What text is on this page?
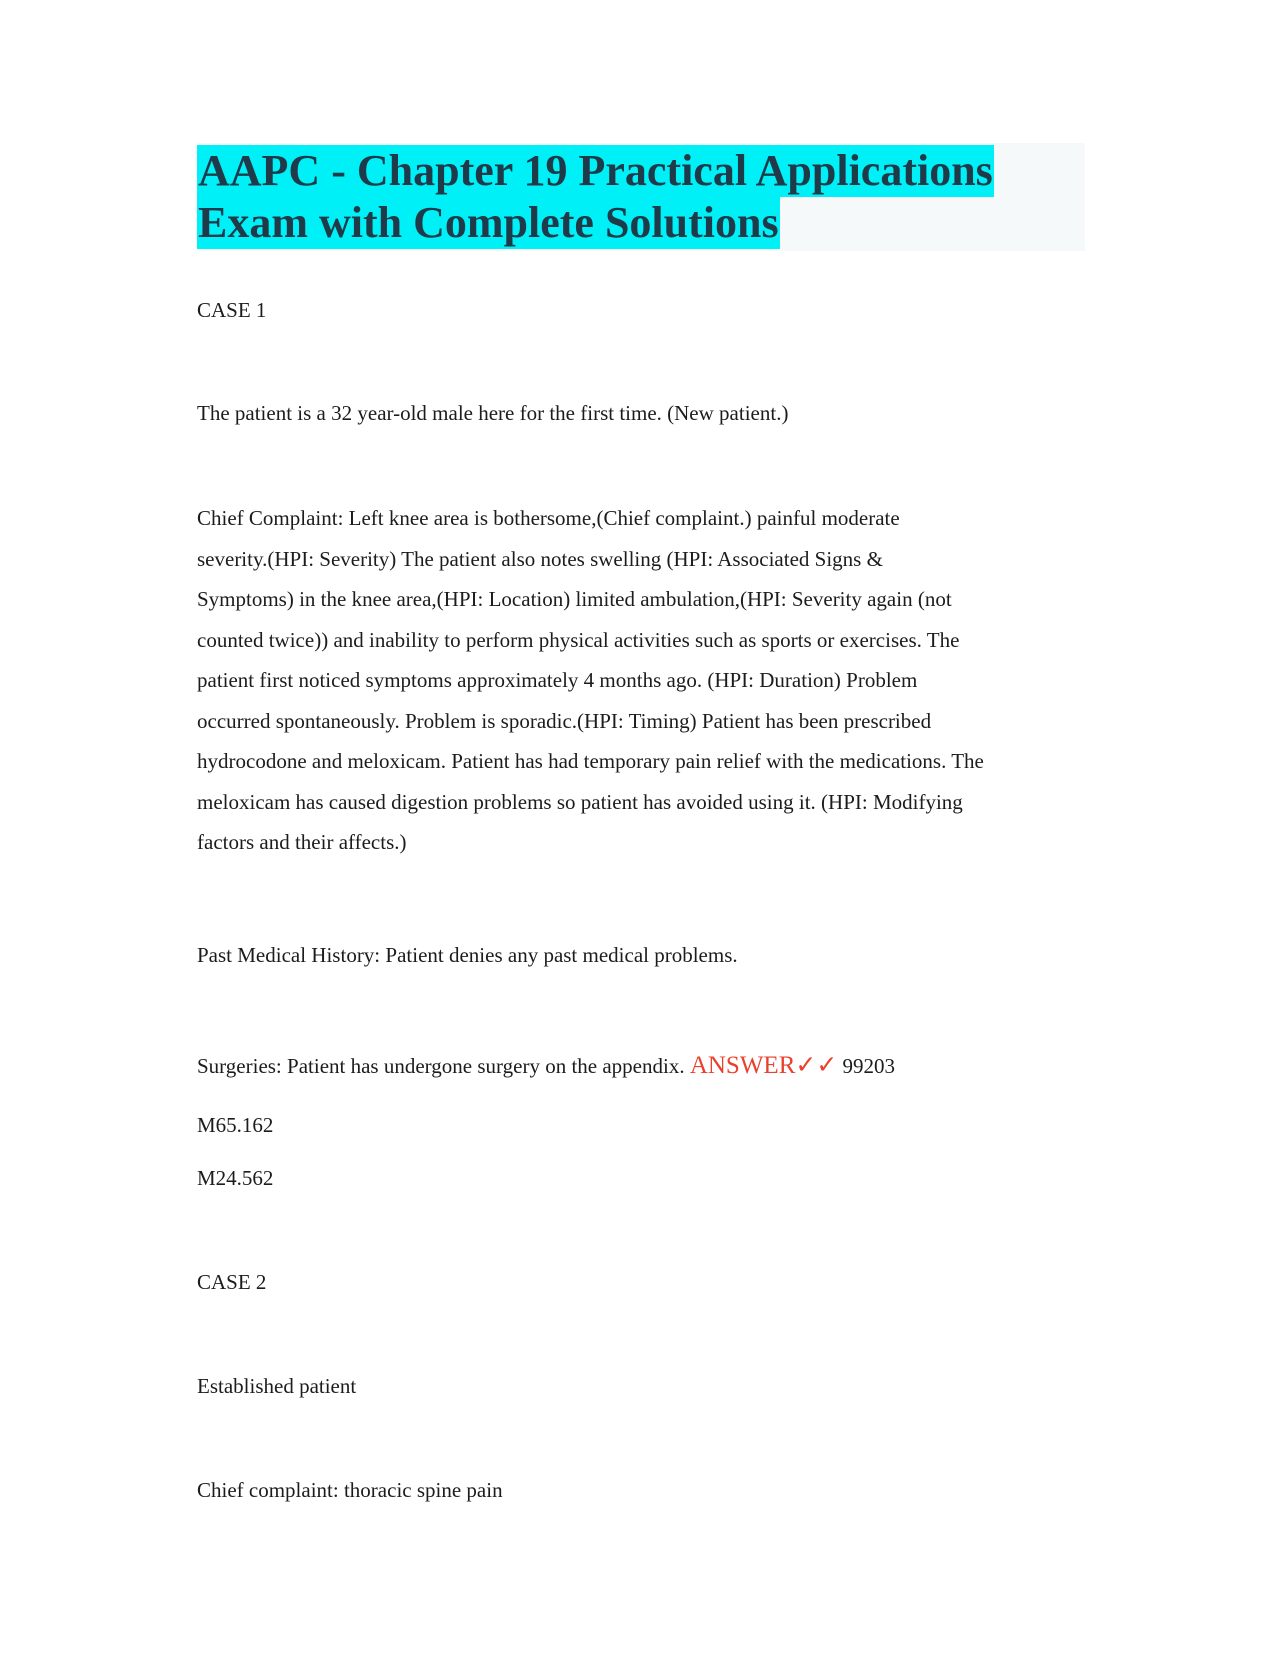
AAPC - Chapter 19 Practical Applications
Exam with Complete Solutions
CASE 1
The patient is a 32 year-old male here for the first time. (New patient.)
Chief Complaint: Left knee area is bothersome,(Chief complaint.) painful moderate
severity.(HPI: Severity) The patient also notes swelling (HPI: Associated Signs &
Symptoms) in the knee area,(HPI: Location) limited ambulation,(HPI: Severity again (not
counted twice)) and inability to perform physical activities such as sports or exercises. The
patient first noticed symptoms approximately 4 months ago. (HPI: Duration) Problem
occurred spontaneously. Problem is sporadic.(HPI: Timing) Patient has been prescribed
hydrocodone and meloxicam. Patient has had temporary pain relief with the medications. The
meloxicam has caused digestion problems so patient has avoided using it. (HPI: Modifying
factors and their affects.)
Past Medical History: Patient denies any past medical problems.
Surgeries: Patient has undergone surgery on the appendix. ANSWER✓✓ 99203
M65.162
M24.562
CASE 2
Established patient
Chief complaint: thoracic spine pain
